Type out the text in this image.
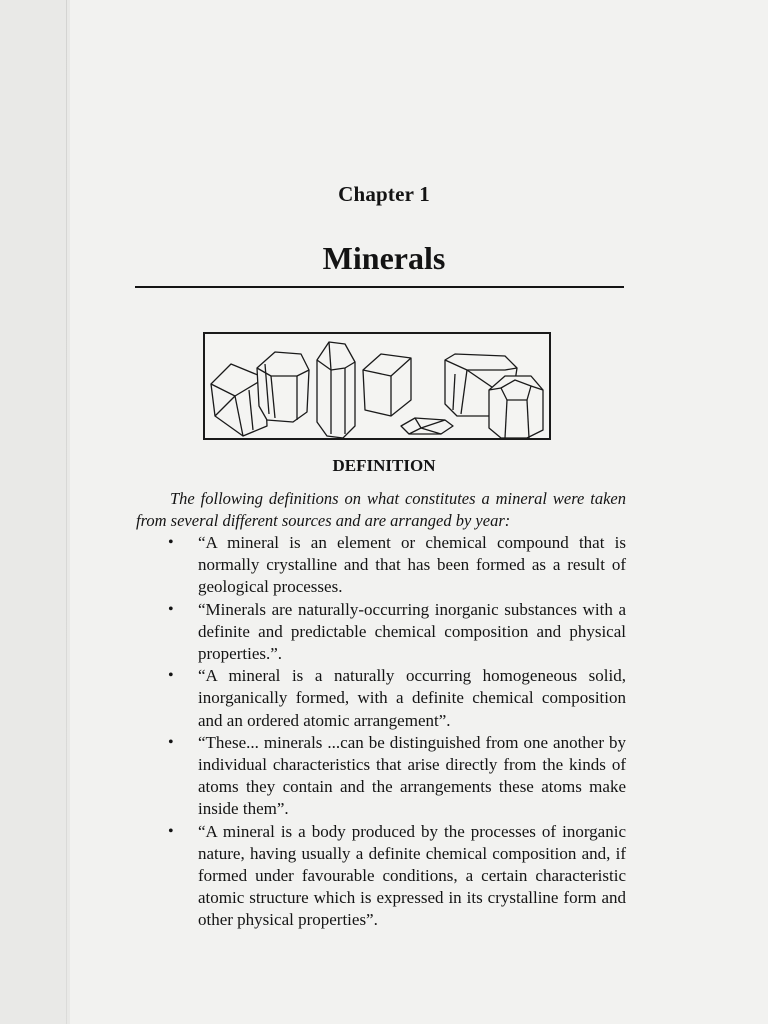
Chapter 1
Minerals
DEFINITION
The following definitions on what constitutes a mineral were taken from several different sources and are arranged by year:
• “A mineral is an element or chemical compound that is normally crystalline and that has been formed as a result of geological processes.
• “Minerals are naturally-occurring inorganic substances with a definite and predictable chemical composition and physical properties.”.
• “A mineral is a naturally occurring homogeneous solid, inorganically formed, with a definite chemical composition and an ordered atomic arrangement”.
• “These... minerals ...can be distinguished from one another by individual characteristics that arise directly from the kinds of atoms they contain and the arrangements these atoms make inside them”.
• “A mineral is a body produced by the processes of inorganic nature, having usually a definite chemical composition and, if formed under favourable conditions, a certain characteristic atomic structure which is expressed in its crystalline form and other physical properties”.
